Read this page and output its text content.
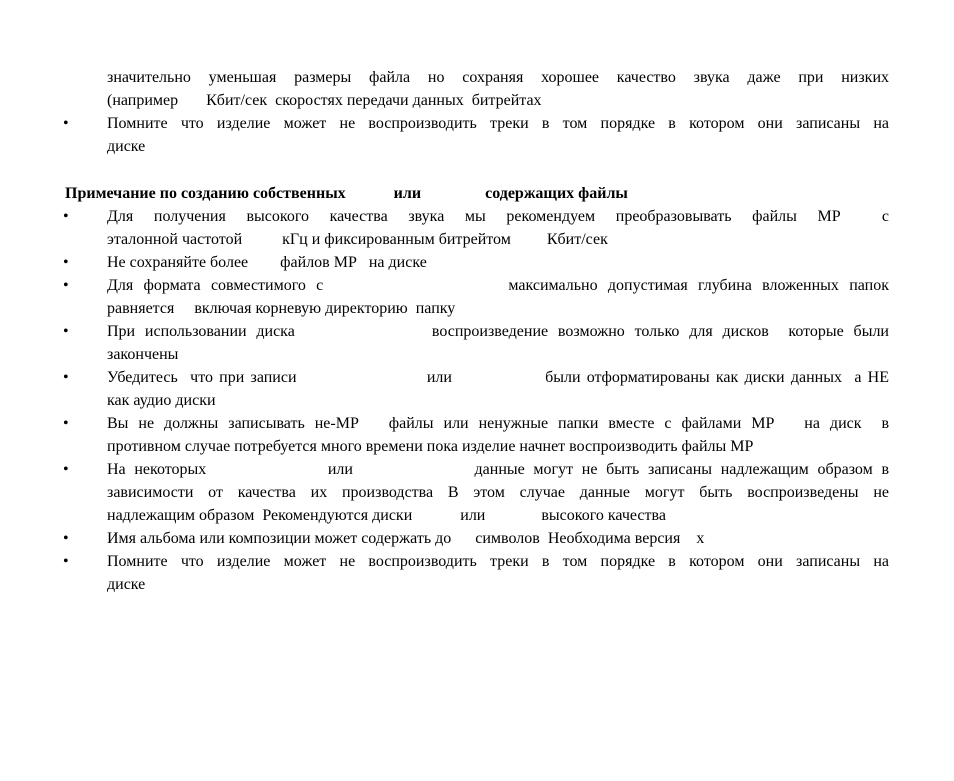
значительно уменьшая размеры файла но сохраняя хорошее качество звука даже при низких
(например       Кбит/сек  скоростях передачи данных  битрейтах
•	Помните что изделие может не воспроизводить треки в том порядке в котором они записаны на
диске
Примечание по созданию собственных            или                содержащих файлы
•	Для получения высокого качества звука мы рекомендуем преобразовывать файлы МР  с
эталонной частотой          кГц и фиксированным битрейтом         Кбит/сек
•	Не сохраняйте более        файлов МР   на диске
•	Для формата совместимого с                  максимально допустимая глубина вложенных папок
равняется     включая корневую директорию  папку
•	При использовании диска              воспроизведение возможно только для дисков  которые были
закончены
•	Убедитесь  что при записи                     или               были отформатированы как диски данных  а НЕ
как аудио диски
•	Вы не должны записывать не-МР   файлы или ненужные папки вместе с файлами МР   на диск  в
противном случае потребуется много времени пока изделие начнет воспроизводить файлы МР
•	На некоторых              или              данные могут не быть записаны надлежащим образом в
зависимости от качества их производства В этом случае данные могут быть воспроизведены не
надлежащим образом  Рекомендуются диски            или              высокого качества
•	Имя альбома или композиции может содержать до      символов  Необходима версия    х
•	Помните что изделие может не воспроизводить треки в том порядке в котором они записаны на
диске
